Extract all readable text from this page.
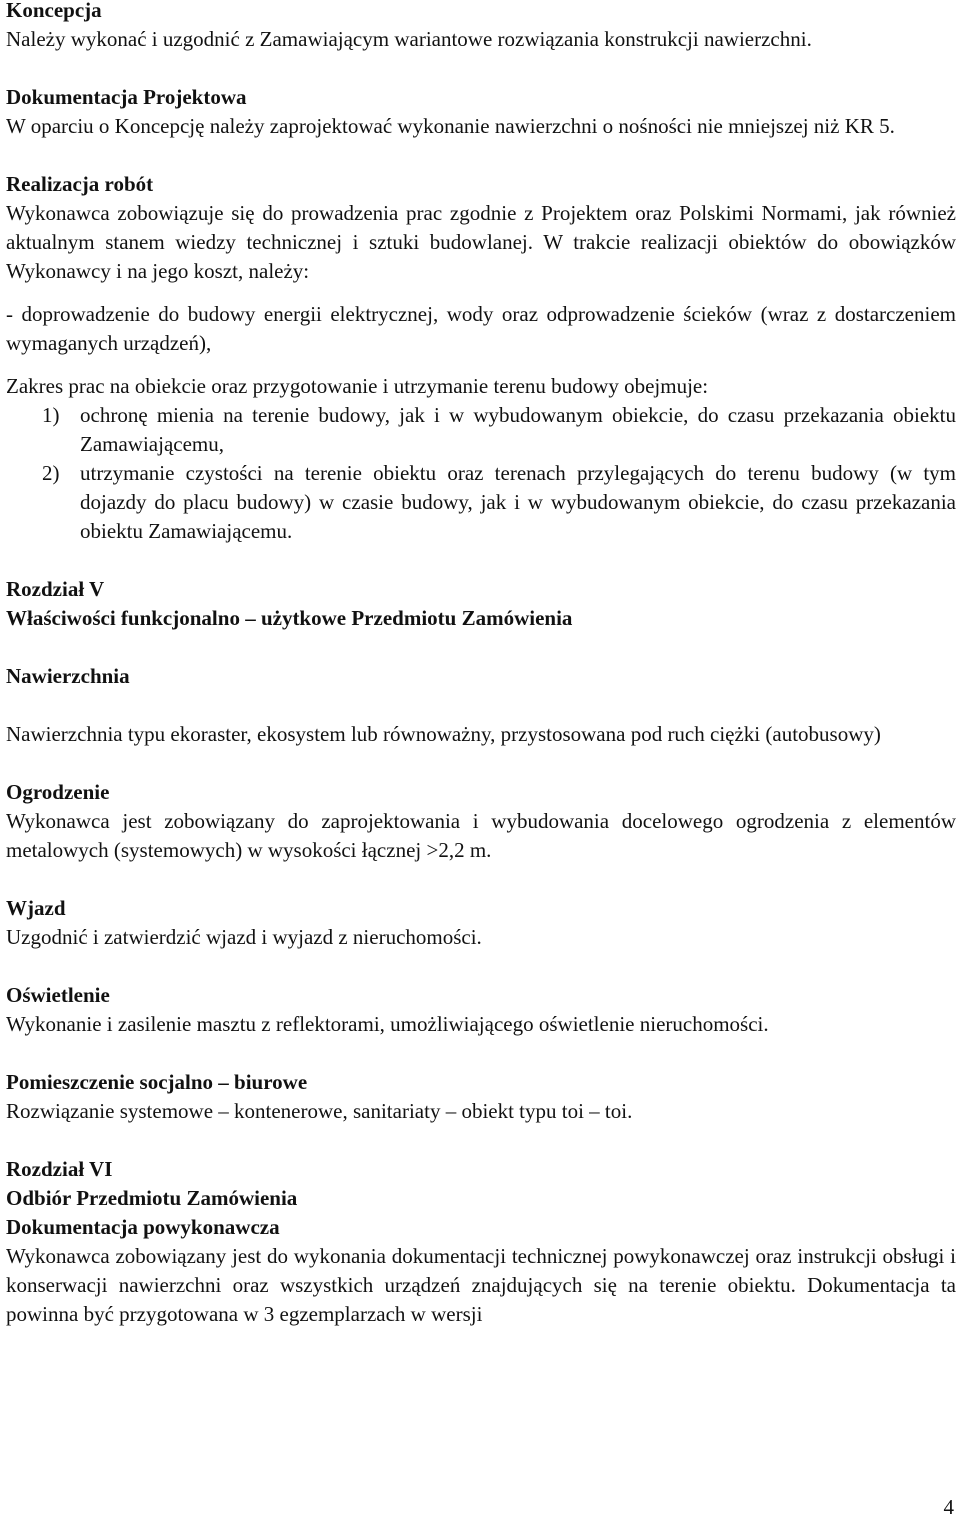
Koncepcja

Należy wykonać i uzgodnić z Zamawiającym wariantowe rozwiązania konstrukcji nawierzchni.

Dokumentacja Projektowa

W oparciu o Koncepcję należy zaprojektować wykonanie nawierzchni o nośności nie mniejszej niż KR 5.

Realizacja robót

Wykonawca zobowiązuje się do prowadzenia prac zgodnie z Projektem oraz Polskimi Normami, jak również aktualnym stanem wiedzy technicznej i sztuki budowlanej. W trakcie realizacji obiektów do obowiązków Wykonawcy i na jego koszt, należy:

- doprowadzenie do budowy energii elektrycznej, wody oraz odprowadzenie ścieków (wraz z dostarczeniem wymaganych urządzeń),

Zakres prac na obiekcie oraz przygotowanie i utrzymanie terenu budowy obejmuje:

1) ochronę mienia na terenie budowy, jak i w wybudowanym obiekcie, do czasu przekazania obiektu Zamawiającemu,
2) utrzymanie czystości na terenie obiektu oraz terenach przylegających do terenu budowy (w tym dojazdy do placu budowy) w czasie budowy, jak i w wybudowanym obiekcie, do czasu przekazania obiektu Zamawiającemu.
Rozdział V
Właściwości funkcjonalno – użytkowe Przedmiotu Zamówienia
Nawierzchnia

Nawierzchnia typu ekoraster, ekosystem lub równoważny, przystosowana pod ruch ciężki (autobusowy)

Ogrodzenie

Wykonawca jest zobowiązany do zaprojektowania i wybudowania docelowego ogrodzenia z elementów metalowych (systemowych) w wysokości łącznej >2,2 m.

Wjazd

Uzgodnić i zatwierdzić wjazd i wyjazd z nieruchomości.

Oświetlenie

Wykonanie i zasilenie masztu z reflektorami, umożliwiającego oświetlenie nieruchomości.

Pomieszczenie socjalno – biurowe

Rozwiązanie systemowe – kontenerowe, sanitariaty – obiekt typu toi – toi.

Rozdział VI
Odbiór Przedmiotu Zamówienia
Dokumentacja powykonawcza

Wykonawca zobowiązany jest do wykonania dokumentacji technicznej powykonawczej oraz instrukcji obsługi i konserwacji nawierzchni oraz wszystkich urządzeń znajdujących się na terenie obiektu. Dokumentacja ta powinna być przygotowana w 3 egzemplarzach w wersji

4
